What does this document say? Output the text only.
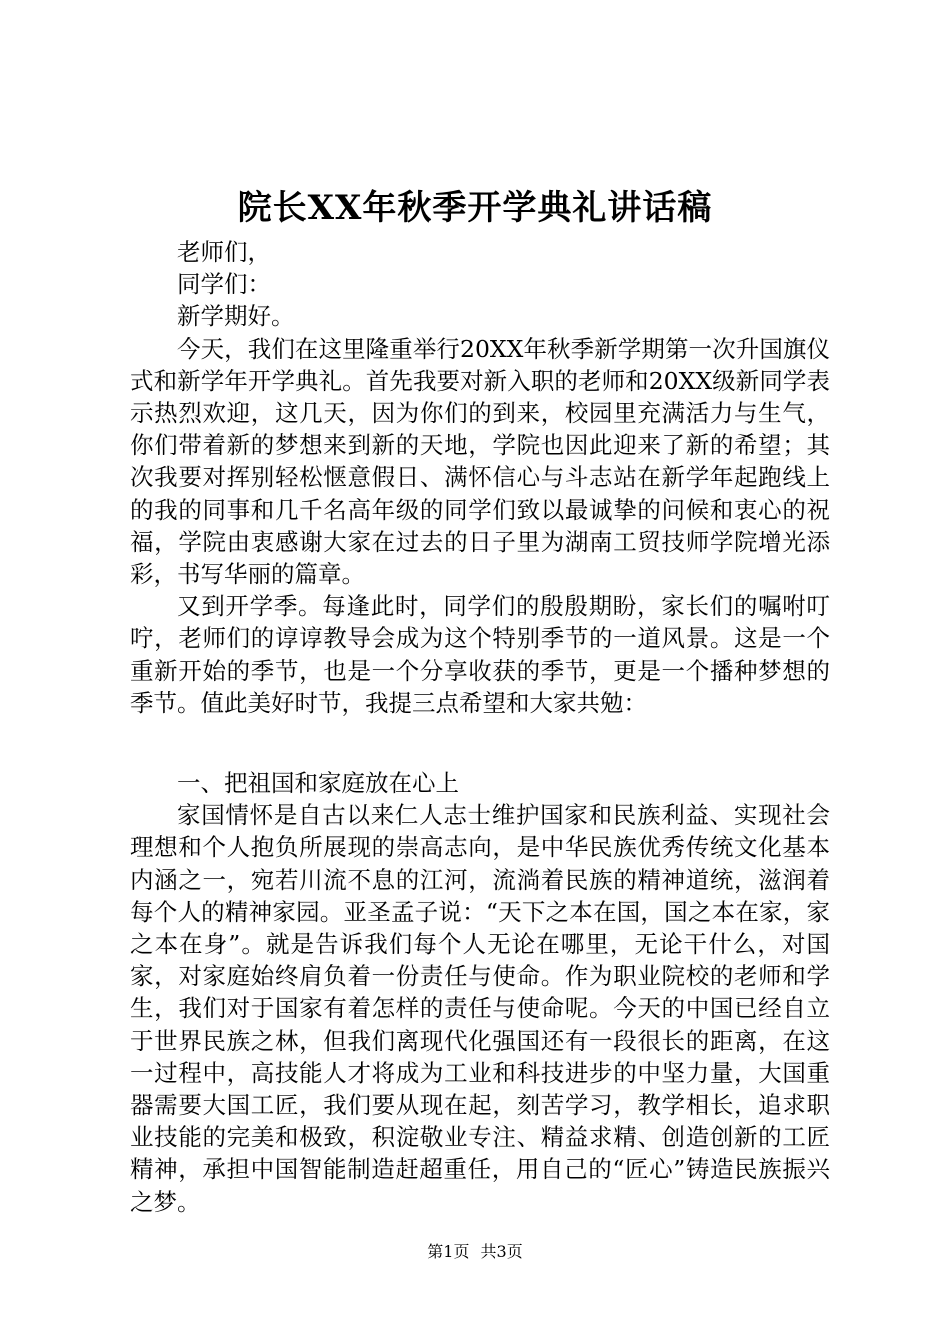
院长XX年秋季开学典礼讲话稿

老师们，

同学们：

新学期好。

今天，我们在这里隆重举行20XX年秋季新学期第一次升国旗仪式和新学年开学典礼。首先我要对新入职的老师和20XX级新同学表示热烈欢迎，这几天，因为你们的到来，校园里充满活力与生气，你们带着新的梦想来到新的天地，学院也因此迎来了新的希望；其次我要对挥别轻松惬意假日、满怀信心与斗志站在新学年起跑线上的我的同事和几千名高年级的同学们致以最诚挚的问候和衷心的祝福，学院由衷感谢大家在过去的日子里为湖南工贸技师学院增光添彩，书写华丽的篇章。

又到开学季。每逢此时，同学们的殷殷期盼，家长们的嘱咐叮咛，老师们的谆谆教导会成为这个特别季节的一道风景。这是一个重新开始的季节，也是一个分享收获的季节，更是一个播种梦想的季节。值此美好时节，我提三点希望和大家共勉：

一、把祖国和家庭放在心上

家国情怀是自古以来仁人志士维护国家和民族利益、实现社会理想和个人抱负所展现的崇高志向，是中华民族优秀传统文化基本内涵之一，宛若川流不息的江河，流淌着民族的精神道统，滋润着每个人的精神家园。亚圣孟子说：“天下之本在国，国之本在家，家之本在身”。就是告诉我们每个人无论在哪里，无论干什么，对国家，对家庭始终肩负着一份责任与使命。作为职业院校的老师和学生，我们对于国家有着怎样的责任与使命呢。今天的中国已经自立于世界民族之林，但我们离现代化强国还有一段很长的距离，在这一过程中，高技能人才将成为工业和科技进步的中坚力量，大国重器需要大国工匠，我们要从现在起，刻苦学习，教学相长，追求职业技能的完美和极致，积淀敬业专注、精益求精、创造创新的工匠精神，承担中国智能制造赶超重任，用自己的“匠心”铸造民族振兴之梦。

第1页 共3页
